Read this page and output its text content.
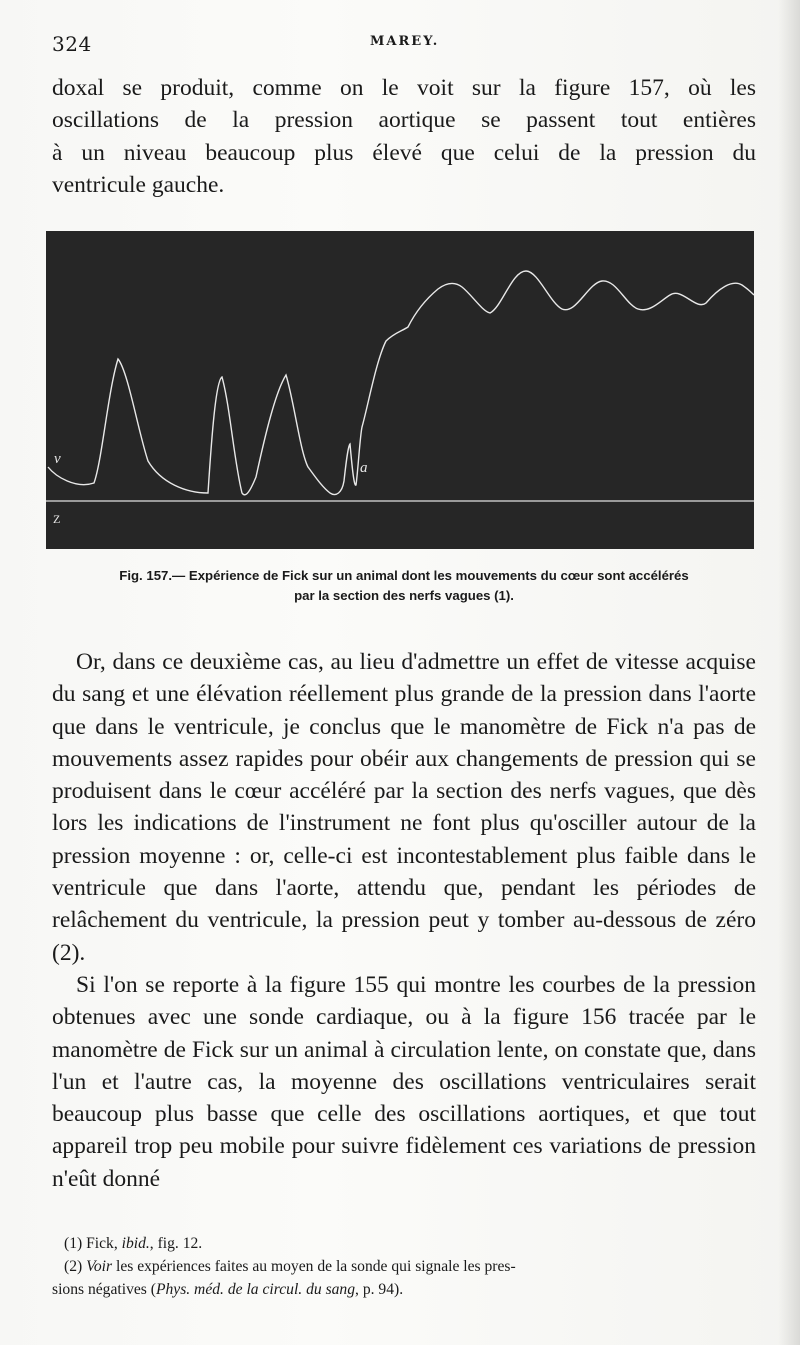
324	MAREY.

doxal se produit, comme on le voit sur la figure 157, où les

oscillations de la pression aortique se passent tout entières

à un niveau beaucoup plus élevé que celui de la pression du

ventricule gauche.

v
a
Z
Fig. 157.— Expérience de Fick sur un animal dont les mouvements du cœur sont accélérés
par la section des nerfs vagues (1).

Or, dans ce deuxième cas, au lieu d'admettre un effet de vitesse acquise du sang et une élévation réellement plus grande de la pression dans l'aorte que dans le ventricule, je conclus que le manomètre de Fick n'a pas de mouvements assez rapides pour obéir aux changements de pression qui se produisent dans le cœur accéléré par la section des nerfs vagues, que dès lors les indications de l'instrument ne font plus qu'osciller autour de la pression moyenne : or, celle-ci est incontestablement plus faible dans le ventricule que dans l'aorte, attendu que, pendant les périodes de relâchement du ventricule, la pression peut y tomber au-dessous de zéro (2).

Si l'on se reporte à la figure 155 qui montre les courbes de la pression obtenues avec une sonde cardiaque, ou à la figure 156 tracée par le manomètre de Fick sur un animal à circulation lente, on constate que, dans l'un et l'autre cas, la moyenne des oscillations ventriculaires serait beaucoup plus basse que celle des oscillations aortiques, et que tout appareil trop peu mobile pour suivre fidèlement ces variations de pression n'eût donné

(1) Fick, ibid., fig. 12.

(2) Voir les expériences faites au moyen de la sonde qui signale les pres-

sions négatives (Phys. méd. de la circul. du sang, p. 94).
